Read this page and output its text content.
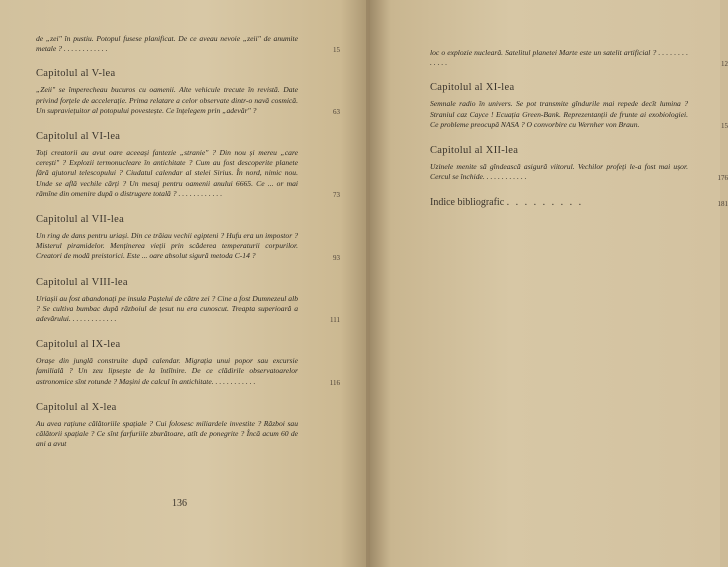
de „zei" în pustiu. Potopul fusese planificat. De ce aveau nevoie „zeii" de anumite metale ? . . . . . . . . . . . .	15
Capitolul al V-lea
„Zeii" se împerecheau bucuros cu oamenii. Alte vehicule trecute în revistă. Date privind forțele de accelerație. Prima relatare a celor observate dintr-o navă cosmică. Un supraviețuitor al potopului povestește. Ce înțelegem prin „adevăr" ?	63
Capitolul al VI-lea
Toți creatorii au avut oare aceeași fantezie „stranie" ? Din nou și mereu „care cerești" ? Explozii termonucleare în antichitate ? Cum au fost descoperite planete fără ajutorul telescopului ? Ciudatul calendar al stelei Sirius. În nord, nimic nou. Unde se află vechile cărți ? Un mesaj pentru oamenii anului 6665. Ce ... or mai rămîne din omenire după o distrugere totală ? . . . . . . . . . . . .	73
Capitolul al VII-lea
Un ring de dans pentru uriași. Din ce trăiau vechii egipteni ? Hufu era un impostor ? Misterul piramidelor. Menținerea vieții prin scăderea temperaturii corpurilor. Creatori de modă preistorici. Este ... oare absolut sigură metoda C-14 ?	93
Capitolul al VIII-lea
Uriașii au fost abandonați pe insula Paștelui de către zei ? Cine a fost Dumnezeul alb ? Se cultiva bumbac după războiul de țesut nu era cunoscut. Treapta superioară a adevărului. . . . . . . . . . . . .	111
Capitolul al IX-lea
Orașe din junglă construite după calendar. Migrația unui popor sau excursie familială ? Un zeu lipsește de la întîlnire. De ce clădirile observatoarelor astronomice sînt rotunde ? Mașini de calcul în antichitate. . . . . . . . . . . .	116
Capitolul al X-lea
Au avea rațiune călătoriile spațiale ? Cui folosesc miliardele investite ? Război sau călătorii spațiale ? Ce sînt farfuriile zburătoare, atît de ponegrite ? Încă acum 60 de ani a avut
136
loc o explozie nucleară. Satelitul planetei Marte este un satelit artificial ? . . . . . . . . . . . . .	12
Capitolul al XI-lea
Semnale radio în univers. Se pot transmite gîndurile mai repede decît lumina ? Straniul caz Cayce ! Ecuația Green-Bank. Reprezentanții de frunte ai exobiologiei. Ce probleme preocupă NASA ? O convorbire cu Wernher von Braun.	15
Capitolul al XII-lea
Uzinele menite să gîndească asigură viitorul. Vechilor profeți le-a fost mai ușor. Cercul se închide. . . . . . . . . . . .	176
Indice bibliografic . . . . . . . . .	181
